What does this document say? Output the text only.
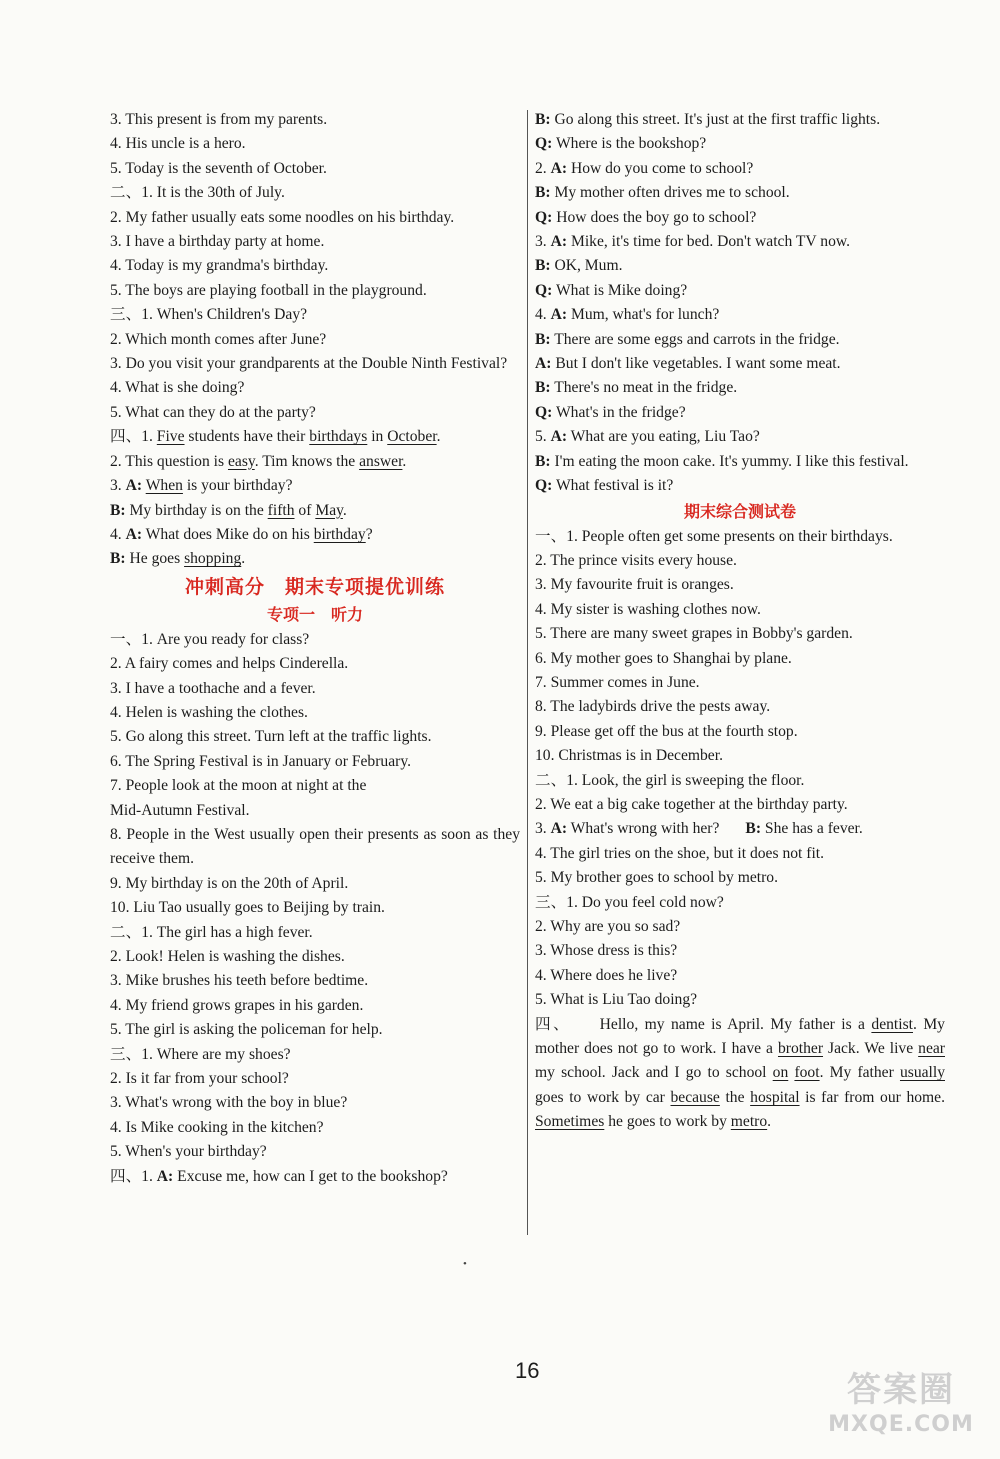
3. This present is from my parents.
4. His uncle is a hero.
5. Today is the seventh of October.
二、1. It is the 30th of July.
2. My father usually eats some noodles on his birthday.
3. I have a birthday party at home.
4. Today is my grandma's birthday.
5. The boys are playing football in the playground.
三、1. When's Children's Day?
2. Which month comes after June?
3. Do you visit your grandparents at the Double Ninth Festival?
4. What is she doing?
5. What can they do at the party?
四、1. Five students have their birthdays in October.
2. This question is easy. Tim knows the answer.
3. A: When is your birthday?
B: My birthday is on the fifth of May.
4. A: What does Mike do on his birthday?
B: He goes shopping.
冲刺高分　期末专项提优训练
专项一　听力
一、1. Are you ready for class?
2. A fairy comes and helps Cinderella.
3. I have a toothache and a fever.
4. Helen is washing the clothes.
5. Go along this street. Turn left at the traffic lights.
6. The Spring Festival is in January or February.
7. People look at the moon at night at the
Mid-Autumn Festival.
8. People in the West usually open their presents as soon as they receive them.
9. My birthday is on the 20th of April.
10. Liu Tao usually goes to Beijing by train.
二、1. The girl has a high fever.
2. Look! Helen is washing the dishes.
3. Mike brushes his teeth before bedtime.
4. My friend grows grapes in his garden.
5. The girl is asking the policeman for help.
三、1. Where are my shoes?
2. Is it far from your school?
3. What's wrong with the boy in blue?
4. Is Mike cooking in the kitchen?
5. When's your birthday?
四、1. A: Excuse me, how can I get to the bookshop?
B: Go along this street. It's just at the first traffic lights.
Q: Where is the bookshop?
2. A: How do you come to school?
B: My mother often drives me to school.
Q: How does the boy go to school?
3. A: Mike, it's time for bed. Don't watch TV now.
B: OK, Mum.
Q: What is Mike doing?
4. A: Mum, what's for lunch?
B: There are some eggs and carrots in the fridge.
A: But I don't like vegetables. I want some meat.
B: There's no meat in the fridge.
Q: What's in the fridge?
5. A: What are you eating, Liu Tao?
B: I'm eating the moon cake. It's yummy. I like this festival.
Q: What festival is it?
期末综合测试卷
一、1. People often get some presents on their birthdays.
2. The prince visits every house.
3. My favourite fruit is oranges.
4. My sister is washing clothes now.
5. There are many sweet grapes in Bobby's garden.
6. My mother goes to Shanghai by plane.
7. Summer comes in June.
8. The ladybirds drive the pests away.
9. Please get off the bus at the fourth stop.
10. Christmas is in December.
二、1. Look, the girl is sweeping the floor.
2. We eat a big cake together at the birthday party.
3. A: What's wrong with her? B: She has a fever.
4. The girl tries on the shoe, but it does not fit.
5. My brother goes to school by metro.
三、1. Do you feel cold now?
2. Why are you so sad?
3. Whose dress is this?
4. Where does he live?
5. What is Liu Tao doing?
四、　　Hello, my name is April. My father is a dentist. My mother does not go to work. I have a brother Jack. We live near my school. Jack and I go to school on foot. My father usually goes to work by car because the hospital is far from our home. Sometimes he goes to work by metro.
•
16	答案圈
MXQE.COM
